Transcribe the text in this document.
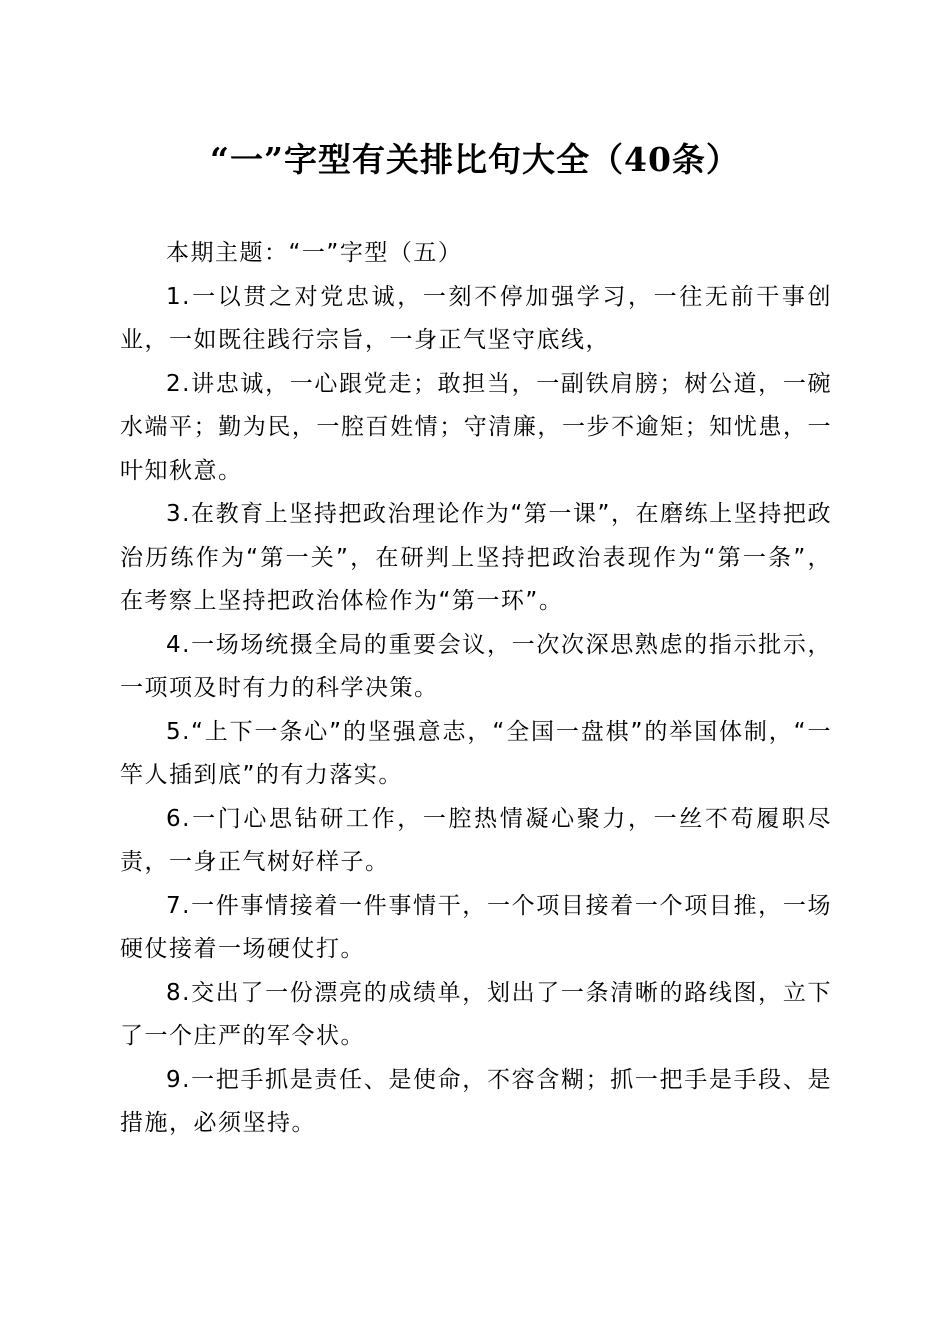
“一”字型有关排比句大全（40条）

本期主题：“一”字型（五）

1.一以贯之对党忠诚，一刻不停加强学习，一往无前干事创业，一如既往践行宗旨，一身正气坚守底线，

2.讲忠诚，一心跟党走；敢担当，一副铁肩膀；树公道，一碗水端平；勤为民，一腔百姓情；守清廉，一步不逾矩；知忧患，一叶知秋意。

3.在教育上坚持把政治理论作为“第一课”，在磨练上坚持把政治历练作为“第一关”，在研判上坚持把政治表现作为“第一条”，在考察上坚持把政治体检作为“第一环”。

4.一场场统摄全局的重要会议，一次次深思熟虑的指示批示，一项项及时有力的科学决策。

5.“上下一条心”的坚强意志，“全国一盘棋”的举国体制，“一竿人插到底”的有力落实。

6.一门心思钻研工作，一腔热情凝心聚力，一丝不苟履职尽责，一身正气树好样子。

7.一件事情接着一件事情干，一个项目接着一个项目推，一场硬仗接着一场硬仗打。

8.交出了一份漂亮的成绩单，划出了一条清晰的路线图，立下了一个庄严的军令状。

9.一把手抓是责任、是使命，不容含糊；抓一把手是手段、是措施，必须坚持。
